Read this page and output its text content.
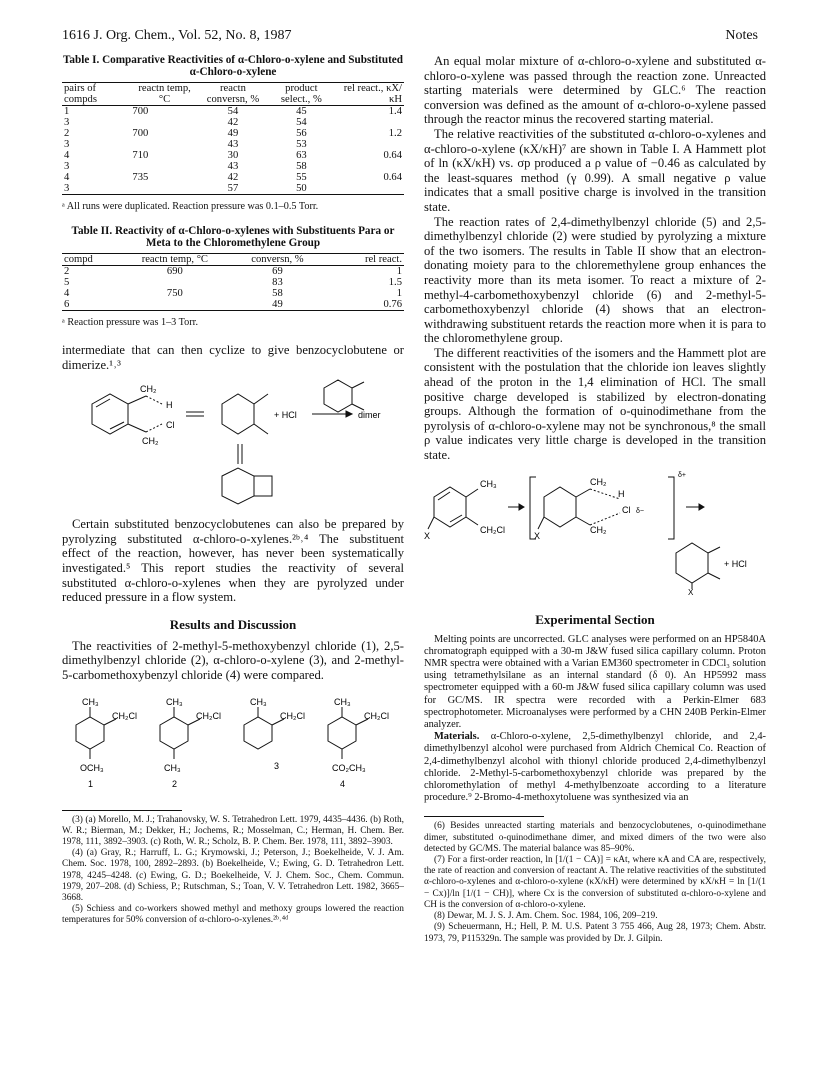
1616 J. Org. Chem., Vol. 52, No. 8, 1987	Notes
Table I. Comparative Reactivities of α-Chloro-o-xylene and Substituted α-Chloro-o-xylene
pairs of compds	reactn temp, °C	reactn conversn, %	product select., %	rel react., κX/κH
1	700	54	45	1.4
3		42	54	
2	700	49	56	1.2
3		43	53	
4	710	30	63	0.64
3		43	58	
4	735	42	55	0.64
3		57	50	
ᵃ All runs were duplicated. Reaction pressure was 0.1–0.5 Torr.
Table II. Reactivity of α-Chloro-o-xylenes with Substituents Para or Meta to the Chloromethylene Group
compd	reactn temp, °C	conversn, %	rel react.
2	690	69	1
5		83	1.5
4	750	58	1
6		49	0.76
ᵃ Reaction pressure was 1–3 Torr.

intermediate that can then cyclize to give benzocyclobutene or dimerize.¹˒³

CH₂
H
Cl
CH₂
+ HCl	dimer

Certain substituted benzocyclobutenes can also be prepared by pyrolyzing substituted α-chloro-o-xylenes.²ᵇ˒⁴ The substituent effect of the reaction, however, has never been systematically investigated.⁵ This report studies the reactivity of several substituted α-chloro-o-xylenes when they are pyrolyzed under reduced pressure in a flow system.

Results and Discussion

The reactivities of 2-methyl-5-methoxybenzyl chloride (1), 2,5-dimethylbenzyl chloride (2), α-chloro-o-xylene (3), and 2-methyl-5-carbomethoxybenzyl chloride (4) were compared.

CH₃
CH₂Cl
OCH₃
1
CH₃
CH₂Cl
CH₃
2
CH₃
CH₂Cl
3
CH₃
CH₂Cl
CO₂CH₃
4

(3) (a) Morello, M. J.; Trahanovsky, W. S. Tetrahedron Lett. 1979, 4435–4436. (b) Roth, W. R.; Bierman, M.; Dekker, H.; Jochems, R.; Mosselman, C.; Herman, H. Chem. Ber. 1978, 111, 3892–3903. (c) Roth, W. R.; Scholz, B. P. Chem. Ber. 1978, 111, 3892–3903.

(4) (a) Gray, R.; Harruff, L. G.; Krymowski, J.; Peterson, J.; Boekelheide, V. J. Am. Chem. Soc. 1978, 100, 2892–2893. (b) Boekelheide, V.; Ewing, G. D. Tetrahedron Lett. 1978, 4245–4248. (c) Ewing, G. D.; Boekelheide, V. J. Chem. Soc., Chem. Commun. 1979, 207–208. (d) Schiess, P.; Rutschman, S.; Toan, V. V. Tetrahedron Lett. 1982, 3665–3668.

(5) Schiess and co-workers showed methyl and methoxy groups lowered the reaction temperatures for 50% conversion of α-chloro-o-xylenes.²ᵇ˒⁴ᵈ

An equal molar mixture of α-chloro-o-xylene and substituted α-chloro-o-xylene was passed through the reaction zone. Unreacted starting materials were determined by GLC.⁶ The reaction conversion was defined as the amount of α-chloro-o-xylene passed through the reactor minus the recovered starting material.

The relative reactivities of the substituted α-chloro-o-xylenes and α-chloro-o-xylene (κX/κH)⁷ are shown in Table I. A Hammett plot of ln (κX/κH) vs. σp produced a ρ value of −0.46 as calculated by the least-squares method (γ 0.99). A small negative ρ value indicates that a small positive charge is involved in the transition state.

The reaction rates of 2,4-dimethylbenzyl chloride (5) and 2,5-dimethylbenzyl chloride (2) were studied by pyrolyzing a mixture of the two isomers. The results in Table II show that an electron-donating moiety para to the chloremethylene group enhances the reactivity more than its meta isomer. To react a mixture of 2-methyl-4-carbomethoxybenzyl chloride (6) and 2-methyl-5-carbomethoxybenzyl chloride (4) shows that an electron-withdrawing substituent retards the reaction more when it is para to the chloromethylene group.

The different reactivities of the isomers and the Hammett plot are consistent with the postulation that the chloride ion leaves slightly ahead of the proton in the 1,4 elimination of HCl. The small positive charge developed is stabilized by electron-donating groups. Although the formation of o-quinodimethane from the pyrolysis of α-chloro-o-xylene may not be synchronous,⁸ the small ρ value indicates very little charge is developed in the transition state.

CH₃
CH₂Cl
X
CH₂
H
Cl δ−
δ+
CH₂
X
+ HCl
X
Experimental Section

Melting points are uncorrected. GLC analyses were performed on an HP5840A chromatograph equipped with a 30-m J&W fused silica capillary column. Proton NMR spectra were obtained with a Varian EM360 spectrometer in CDCl₃ solution using tetramethylsilane as an internal standard (δ 0). An HP5992 mass spectrometer equipped with a 60-m J&W fused silica capillary column was used for GC/MS. IR spectra were recorded with a Perkin-Elmer 683 spectrophotometer. Microanalyses were performed by a CHN 240B Perkin-Elmer analyzer.

Materials. α-Chloro-o-xylene, 2,5-dimethylbenzyl chloride, and 2,4-dimethylbenzyl alcohol were purchased from Aldrich Chemical Co. Reaction of 2,4-dimethylbenzyl alcohol with thionyl chloride produced 2,4-dimethylbenzyl chloride. 2-Methyl-5-carbomethoxybenzyl chloride was prepared by the chloromethylation of methyl 4-methylbenzoate according to a literature procedure.⁹ 2-Bromo-4-methoxytoluene was synthesized via an

(6) Besides unreacted starting materials and benzocyclobutenes, o-quinodimethane dimer, substituted o-quinodimethane dimer, and mixed dimers of the two were also detected by GC/MS. The material balance was 85–90%.

(7) For a first-order reaction, ln [1/(1 − CA)] = κAt, where κA and CA are, respectively, the rate of reaction and conversion of reactant A. The relative reactivities of the substituted α-chloro-o-xylenes and α-chloro-o-xylene (κX/κH) were determined by κX/κH = ln [1/(1 − Cx)]/ln [1/(1 − CH)], where Cx is the conversion of substituted α-chloro-o-xylene and CH is the conversion of α-chloro-o-xylene.

(8) Dewar, M. J. S. J. Am. Chem. Soc. 1984, 106, 209–219.

(9) Scheuermann, H.; Hell, P. M. U.S. Patent 3 755 466, Aug 28, 1973; Chem. Abstr. 1973, 79, P115329n. The sample was provided by Dr. J. Gilpin.
